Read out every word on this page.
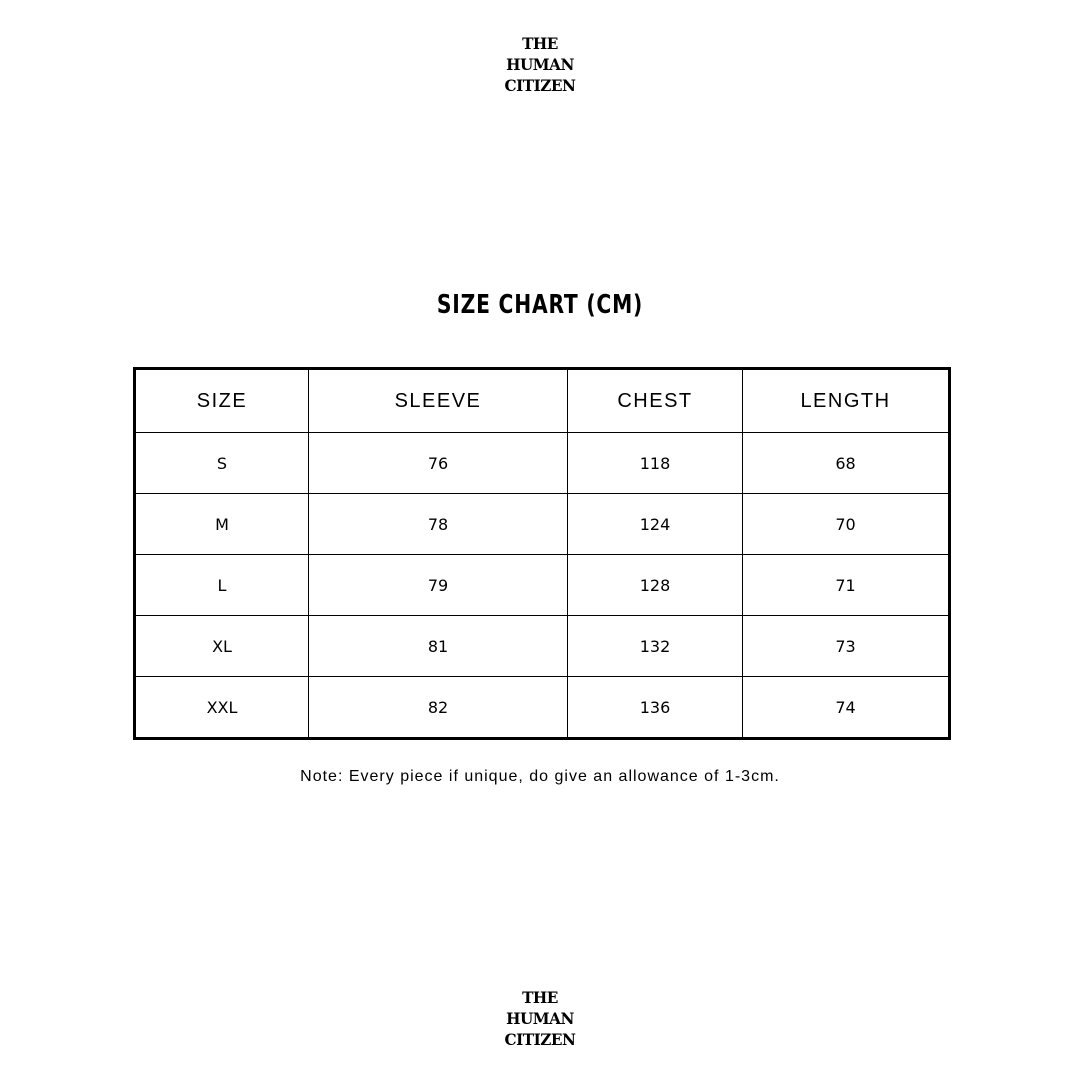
THE
HUMAN
CITIZEN
SIZE CHART (CM)
SIZE	SLEEVE	CHEST	LENGTH
S	76	118	68
M	78	124	70
L	79	128	71
XL	81	132	73
XXL	82	136	74
Note: Every piece if unique, do give an allowance of 1-3cm.
THE
HUMAN
CITIZEN
